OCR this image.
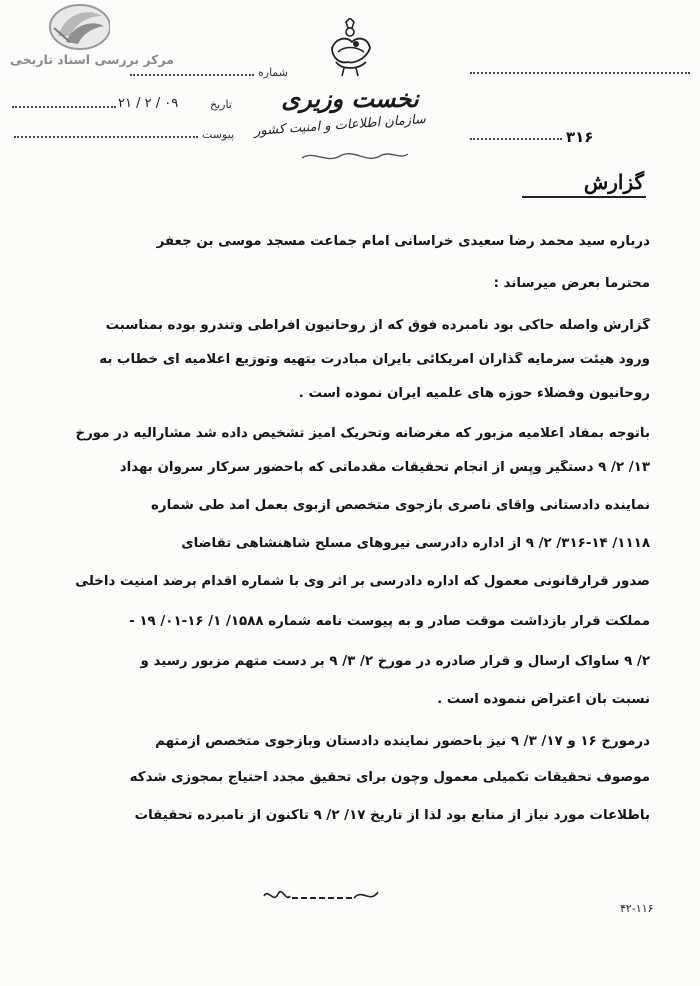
مرکز بررسی اسناد تاریخی
نخست وزیری
سازمان اطلاعات و امنیت کشور
شماره
تاریخ
۲۱ / ۲ / ۰۹
پیوست	۳۱۶
گزارش
درباره سید محمد رضا سعیدی خراسانی امام جماعت مسجد موسی بن جعفر
محترماً بعرض میرساند :
گزارش واصله حاکی بود نامبرده فوق که از روحانیون افراطی وتندرو بوده بمناسبت
ورود هیئت سرمایه گذاران امریکائی بایران مبادرت بتهیه وتوزیع اعلامیه ای خطاب به
روحانیون وفضلاء حوزه های علمیه ایران نموده است .
باتوجه بمفاد اعلامیه مزبور که مغرضانه وتحریک آمیز تشخیص داده شد مشارالیه در مورخ
۱۳/ ۲/ ۹ دستگیر وپس از انجام تحقیقات مقدماتی که باحضور سرکار سروان بهداد
نماینده دادستانی وآقای ناصری بازجوی متخصص ازبوی بعمل آمد طی شماره
۱۱۱۸/ ۳۱۶-۱۴/ ۲/ ۹ از اداره دادرسی نیروهای مسلح شاهنشاهی تقاضای
صدور قرارقانونی معمول که اداره دادرسی بر اثر وی با شماره اقدام برضد امنیت داخلی
مملکت قرار بازداشت موقت صادر و به پیوست نامه شماره ۱۵۸۸/ ۱/ ۱۶-۰۱/ ۱۹ -
۲/ ۹ ساواک ارسال و قرار صادره در مورخ ۲/ ۳/ ۹ بر دست متهم مزبور رسید و
نسبت بآن اعتراض ننموده است .
درمورخ ۱۶ و ۱۷/ ۳/ ۹ نیز باحضور نماینده دادستان وبازجوی متخصص ازمتهم
موصوف تحقیقات تکمیلی معمول وچون برای تحقیق مجدد احتیاج بمجوزی شدکه
باطلاعات مورد نیاز از منابع بود لذا از تاریخ ۱۷/ ۲/ ۹ تاکنون از نامبرده تحقیقات
۴۲-۱۱۶
